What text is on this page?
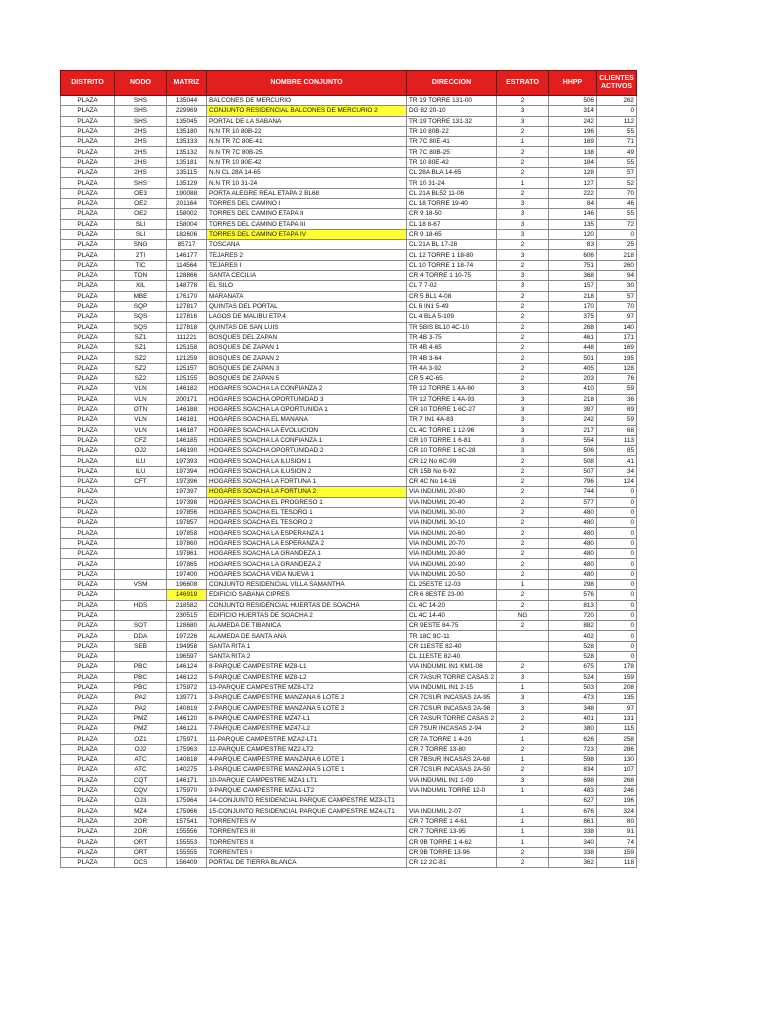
DISTRITO	NODO	MATRIZ	NOMBRE CONJUNTO	DIRECCION	ESTRATO	HHPP	CLIENTES ACTIVOS
PLAZA	SHS	135044	BALCONES DE MERCURIO	TR 19 TORRE 131-00	2	506	262
PLAZA	SHS	229969	CONJUNTO RESIDENCIAL BALCONES DE MERCURIO 2	DG 82 20-10	3	314	0
PLAZA	SHS	135045	PORTAL DE LA SABANA	TR 19 TORRE 131-32	3	242	112
PLAZA	2HS	135180	N.N TR 10 80B-22	TR 10 80B-22	2	196	55
PLAZA	2HS	135133	N.N TR 7C 80E-41	TR 7C 80E-41	1	169	71
PLAZA	2HS	135132	N.N TR 7C 80B-25	TR 7C 80B-25	2	138	49
PLAZA	2HS	135181	N.N TR 10 80E-42	TR 10 80E-42	2	184	55
PLAZA	2HS	135115	N.N CL 28A 14-65	CL 28A BLA 14-65	2	128	57
PLAZA	SHS	135129	N.N TR 10 31-24	TR 10 31-24	1	127	52
PLAZA	OE3	190088	PORTA ALEGRE REAL ETAPA 2 BL68	CL 21A BL52 11-06	2	222	70
PLAZA	OE2	201164	TORRES DEL CAMINO I	CL 18 TORRE 19-40	3	84	46
PLAZA	OE2	158002	TORRES DEL CAMINO ETAPA II	CR 9 18-50	3	146	55
PLAZA	SLI	158004	TORRES DEL CAMINO ETAPA III	CL 18 8-67	3	135	72
PLAZA	SLI	182606	TORRES DEL CAMINO ETAPA IV	CR 9 18-65	3	120	0
PLAZA	SNG	85717	TOSCANA	CL 21A BL 17-28	2	83	25
PLAZA	2TI	146177	TEJARES 2	CL 12 TORRE 1 18-80	3	606	218
PLAZA	TIC	114564	TEJARES I	CL 10 TORRE 1 18-74	2	751	260
PLAZA	TON	128866	SANTA CECILIA	CR 4 TORRE 1 10-75	3	368	94
PLAZA	XIL	148778	EL SILO	CL 7 7-02	3	157	30
PLAZA	MBE	176170	MARANATA	CR 5 BL1 4-08	2	218	57
PLAZA	SQP	127817	QUINTAS DEL PORTAL	CL 6 IN1 5-49	2	170	70
PLAZA	SQS	127816	LAGOS DE MALIBU ETP.4	CL 4 BLA 5-109	2	375	97
PLAZA	SQS	127818	QUINTAS DE SAN LUIS	TR 5BIS BL10 4C-10	2	268	140
PLAZA	SZ1	111221	BOSQUES DEL ZAPAN	TR 4B 3-75	2	461	171
PLAZA	SZ1	125158	BOSQUES DE ZAPAN 1	TR 4B 4-65	2	448	169
PLAZA	SZ2	121259	BOSQUES DE ZAPAN 2	TR 4B 3-64	2	501	195
PLAZA	SZ2	125157	BOSQUES DE ZAPAN 3	TR 4A 3-92	2	405	128
PLAZA	SZ2	125155	BOSQUES DE ZAPAN 5	CR 5 4C-65	2	203	76
PLAZA	VLN	146182	HOGARES SOACHA LA CONFIANZA 2	TR 12 TORRE 1 4A-60	3	410	59
PLAZA	VLN	200171	HOGARES SOACHA OPORTUNIDAD 3	TR 12 TORRE 1 4A-93	3	218	36
PLAZA	OTN	146188	HOGARES SOACHA LA OPORTUNIDA 1	CR 10 TORRE 1 6C-27	3	387	89
PLAZA	VLN	146181	HOGARES SOACHA EL MANANA	TR 7 IN1 4A-83	3	242	59
PLAZA	VLN	146187	HOGARES SOACHA LA EVOLUCION	CL 4C TORRE 1 12-96	3	217	68
PLAZA	CFZ	146185	HOGARES SOACHA LA CONFIANZA 1	CR 10 TORRE 1 6-81	3	554	113
PLAZA	OJ2	146190	HOGARES SOACHA OPORTUNIDAD 2	CR 10 TORRE 1 6C-28	3	506	85
PLAZA	ILU	197393	HOGARES SOACHA LA ILUSION 1	CR 12 No 6C-99	2	508	41
PLAZA	ILU	197394	HOGARES SOACHA LA ILUSION 2	CR 15B No 6-92	2	507	34
PLAZA	CFT	197396	HOGARES SOACHA LA FORTUNA 1	CR 4C No 14-16	2	796	124
PLAZA		197397	HOGARES SOACHA LA FORTUNA 2	VIA INDUMIL 20-80	2	744	0
PLAZA		197398	HOGARES SOACHA EL PROGRESO 1	VIA INDUMIL 20-40	2	577	0
PLAZA		197856	HOGARES SOACHA EL TESORO 1	VIA INDUMIL 30-00	2	480	0
PLAZA		197857	HOGARES SOACHA EL TESORO 2	VIA INDUMIL 30-10	2	480	0
PLAZA		197858	HOGARES SOACHA LA ESPERANZA 1	VIA INDUMIL 20-60	2	480	0
PLAZA		197860	HOGARES SOACHA LA ESPERANZA 2	VIA INDUMIL 20-70	2	480	0
PLAZA		197861	HOGARES SOACHA LA GRANDEZA 1	VIA INDUMIL 20-80	2	480	0
PLAZA		197865	HOGARES SOACHA LA GRANDEZA 2	VIA INDUMIL 20-90	2	480	0
PLAZA		197400	HOGARES SOACHA VIDA NUEVA 1	VIA INDUMIL 20-50	2	480	0
PLAZA	VSM	196608	CONJUNTO RESIDENCIAL VILLA SAMANTHA	CL 25ESTE 12-03	1	298	0
PLAZA		146919	EDIFICIO SABANA CIPRES	CR 6 8ESTE 23-00	2	576	0
PLAZA	HDS	218582	CONJUNTO RESIDENCIAL HUERTAS DE SOACHA	CL 4C 14-20	2	813	0
PLAZA		230515	EDIFICIO HUERTAS DE SOACHA 2	CL 4C 14-40	NG	720	0
PLAZA	SOT	128680	ALAMEDA DE TIBANICA	CR 9ESTE 84-75	2	882	0
PLAZA	DDA	197226	ALAMEDA DE SANTA ANA	TR 18C 9C-11		402	0
PLAZA	SEB	194958	SANTA RITA 1	CR 11ESTE 82-40		528	0
PLAZA		196597	SANTA RITA 2	CL 11ESTE 82-40		528	0
PLAZA	PBC	146124	8-PARQUE CAMPESTRE MZ8-L1	VIA INDUMIL IN1 KM1-08	2	675	178
PLAZA	PBC	146122	5-PARQUE CAMPESTRE MZ8-L2	CR 7ASUR TORRE CASAS 2	3	524	159
PLAZA	PBC	175972	13-PARQUE CAMPESTRE MZ8-LT2	VIA INDUMIL IN1 2-15	1	503	208
PLAZA	PA2	139771	3-PARQUE CAMPESTRE MANZANA 6 LOTE 2	CR 7CSUR INCASAS 2A-95	3	473	135
PLAZA	PA2	140819	2-PARQUE CAMPESTRE MANZANA 5 LOTE 2	CR 7CSUR INCASAS 2A-98	3	348	97
PLAZA	PMZ	146120	6-PARQUE CAMPESTRE MZ47-L1	CR 7ASUR TORRE CASAS 2	2	401	131
PLAZA	PMZ	146121	7-PARQUE CAMPESTRE MZ47-L2	CR 7SUR INCASAS 2-94	2	380	115
PLAZA	OZ1	175971	11-PARQUE CAMPESTRE MZA2-LT1	CR 7A TORRE 1 4-20	1	626	258
PLAZA	OJ2	175963	12-PARQUE CAMPESTRE MZ2-LT2	CR 7 TORRE 13-80	2	723	286
PLAZA	ATC	140818	4-PARQUE CAMPESTRE MANZANA 6 LOTE 1	CR 7BSUR INCASAS 2A-68	1	598	130
PLAZA	ATC	140275	1-PARQUE CAMPESTRE MANZANA 5 LOTE 1	CR 7CSUR INCASAS 2A-50	2	834	107
PLAZA	CQT	146171	10-PARQUE CAMPESTRE MZA1 LT1	VIA INDUMIL IN1 1-09	3	698	268
PLAZA	CQV	175970	9-PARQUE CAMPESTRE MZA1-LT2	VIA INDUMIL TORRE 12-0	1	483	246
PLAZA	OJ3	175964	14-CONJUNTO RESIDENCIAL PARQUE CAMPESTRE MZ3-LT1			627	196
PLAZA	MZ4	175966	15-CONJUNTO RESIDENCIAL PARQUE CAMPESTRE MZ4-LT1	VIA INDUMIL 2-07	1	676	324
PLAZA	2OR	157541	TORRENTES IV	CR 7 TORRE 1 4-61	1	861	80
PLAZA	2OR	155556	TORRENTES III	CR 7 TORRE 13-95	1	338	91
PLAZA	ORT	155553	TORRENTES II	CR 9B TORRE 1 4-62	1	340	74
PLAZA	ORT	155555	TORRENTES I	CR 9B TORRE 13-96	2	338	159
PLAZA	OCS	156409	PORTAL DE TIERRA BLANCA	CR 12 2C-81	2	362	118
